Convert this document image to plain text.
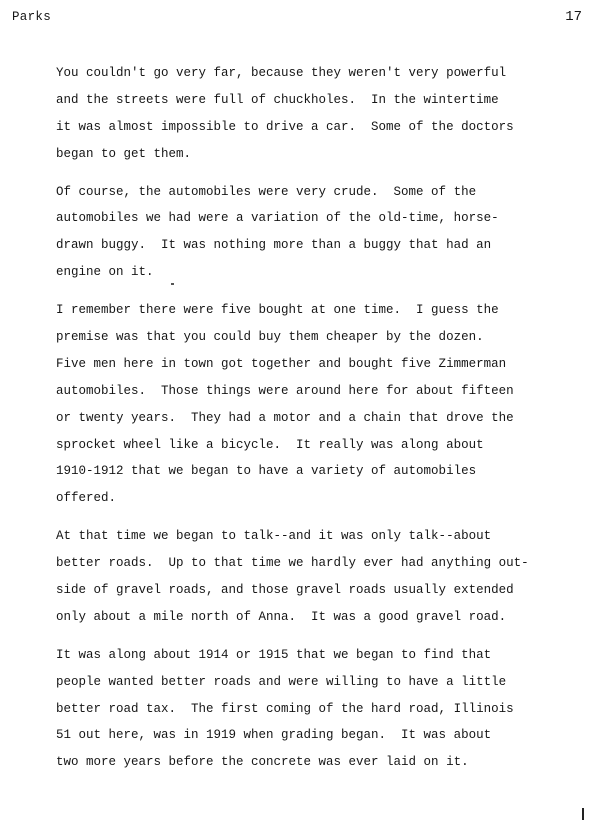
Parks	17
You couldn't go very far, because they weren't very powerful
and the streets were full of chuckholes.  In the wintertime
it was almost impossible to drive a car.  Some of the doctors
began to get them.
Of course, the automobiles were very crude.  Some of the
automobiles we had were a variation of the old-time, horse-
drawn buggy.  It was nothing more than a buggy that had an
engine on it.
I remember there were five bought at one time.  I guess the
premise was that you could buy them cheaper by the dozen.
Five men here in town got together and bought five Zimmerman
automobiles.  Those things were around here for about fifteen
or twenty years.  They had a motor and a chain that drove the
sprocket wheel like a bicycle.  It really was along about
1910-1912 that we began to have a variety of automobiles
offered.
At that time we began to talk--and it was only talk--about
better roads.  Up to that time we hardly ever had anything out-
side of gravel roads, and those gravel roads usually extended
only about a mile north of Anna.  It was a good gravel road.
It was along about 1914 or 1915 that we began to find that
people wanted better roads and were willing to have a little
better road tax.  The first coming of the hard road, Illinois
51 out here, was in 1919 when grading began.  It was about
two more years before the concrete was ever laid on it.
